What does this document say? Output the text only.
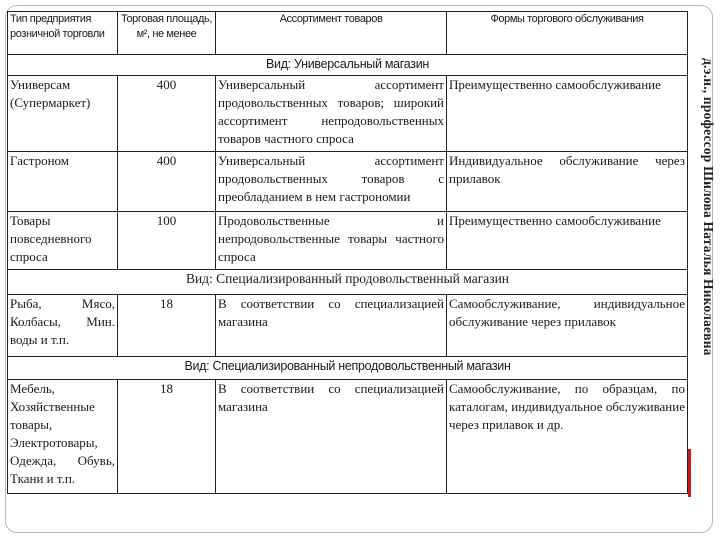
Тип предприятия розничной торговли	Торговая площадь, м², не менее	Ассортимент товаров	Формы торгового обслуживания
Вид: Универсальный магазин			
Универсам (Супермаркет)	400	Универсальный ассортимент продовольственных товаров; широкий ассортимент непродовольственных товаров частного спроса	Преимущественно самообслуживание
Гастроном	400	Универсальный ассортимент продовольственных товаров с преобладанием в нем гастрономии	Индивидуальное обслуживание через прилавок
Товары повседневного спроса	100	Продовольственные и непродовольственные товары частного спроса	Преимущественно самообслуживание
Вид: Специализированный продовольственный магазин			
Рыба, Мясо, Колбасы, Мин. воды и т.п.	18	В соответствии со специализацией магазина	Самообслуживание, индивидуальное обслуживание через прилавок
Вид: Специализированный непродовольственный магазин			
Мебель, Хозяйственные товары, Электротовары, Одежда, Обувь, Ткани и т.п.	18	В соответствии со специализацией магазина	Самообслуживание, по образцам, по каталогам, индивидуальное обслуживание через прилавок и др.
д.э.н., профессор Шилова Наталья Николаевна
